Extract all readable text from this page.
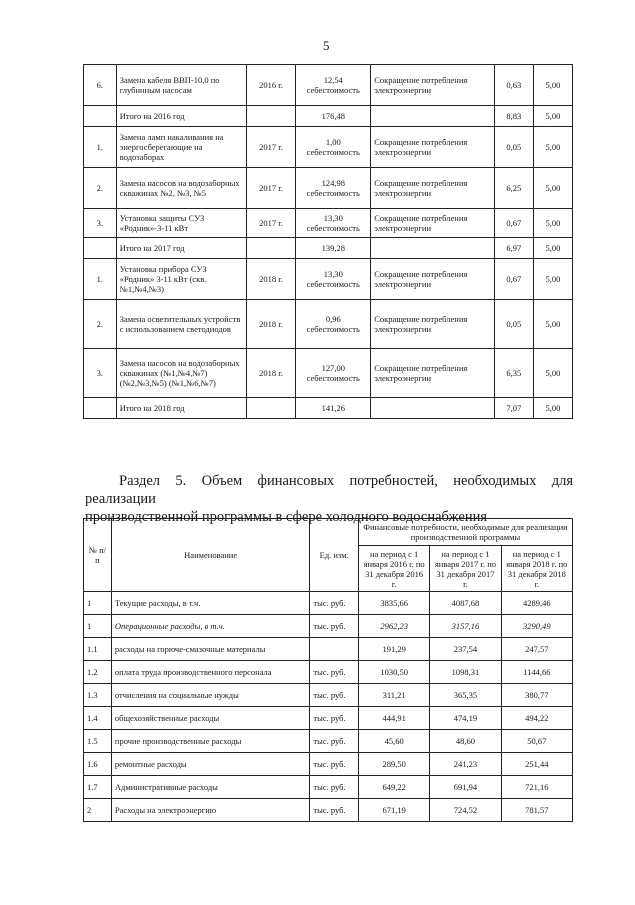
5
6.	Замена кабеля ВВП-10,0 по глубинным насосам	2016 г.	12,54 себестоимость	Сокращение потребления электроэнергии	0,63	5,00
	Итого на 2016 год		176,48		8,83	5,00
1.	Замена ламп накаливания на энергосберегающие на водозаборах	2017 г.	1,00 себестоимость	Сокращение потребления электроэнергии	0,05	5,00
2.	Замена насосов на водозаборных скважинах №2, №3, №5	2017 г.	124,98 себестоимость	Сокращение потребления электроэнергии	6,25	5,00
3.	Установка защиты СУЗ «Родник»-3-11 кВт	2017 г.	13,30 себестоимость	Сокращение потребления электроэнергии	0,67	5,00
	Итого на 2017 год		139,28		6,97	5,00
1.	Установка прибора СУЗ «Родник» 3-11 кВт (скв.№1,№4,№3)	2018 г.	13,30 себестоимость	Сокращение потребления электроэнергии	0,67	5,00
2.	Замена осветительных устройств с использованием светодиодов	2018 г.	0,96 себестоимость	Сокращение потребления электроэнергии	0,05	5,00
3.	Замена насосов на водозаборных скважинах (№1,№4,№7) (№2,№3,№5) (№1,№6,№7)	2018 г.	127,00 себестоимость	Сокращение потребления электроэнергии	6,35	5,00
	Итого на 2018 год		141,26		7,07	5,00
Раздел 5. Объем финансовых потребностей, необходимых для реализации
производственной программы в сфере холодного водоснабжения
№ п/п	Наименование	Ед. изм.	Финансовые потребности, необходимые для реализации производственной программы		
			на период с 1 января 2016 г. по 31 декабря 2016 г.	на период с 1 января 2017 г. по 31 декабря 2017 г.	на период с 1 января 2018 г. по 31 декабря 2018 г.
1	Текущие расходы, в т.ч.	тыс. руб.	3835,66	4087,68	4289,46
1	Операционные расходы, в т.ч.	тыс. руб.	2962,23	3157,16	3290,49
1.1	расходы на горюче-смазочные материалы		191,29	237,54	247,57
1.2	оплата труда производственного персонала	тыс. руб.	1030,50	1098,31	1144,66
1.3	отчисления на социальные нужды	тыс. руб.	311,21	365,35	380,77
1.4	общехозяйственные расходы	тыс. руб.	444,91	474,19	494,22
1.5	прочие производственные расходы	тыс. руб.	45,60	48,60	50,67
1.6	ремонтные расходы	тыс. руб.	289,50	241,23	251,44
1.7	Административные расходы	тыс. руб.	649,22	691,94	721,16
2	Расходы на электроэнергию	тыс. руб.	671,19	724,52	781,57
